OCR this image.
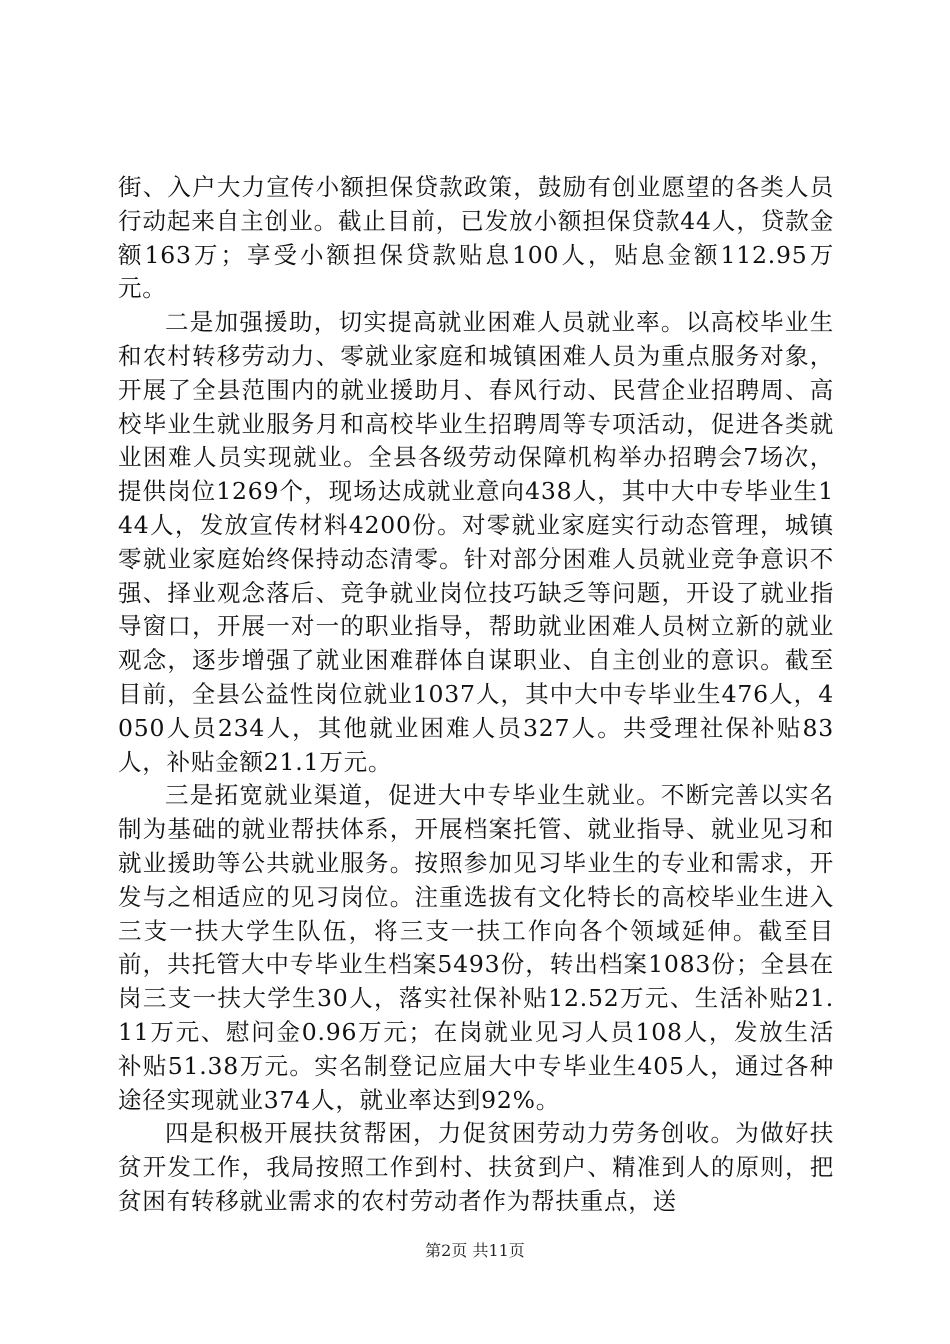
街、入户大力宣传小额担保贷款政策，鼓励有创业愿望的各类人员行动起来自主创业。截止目前，已发放小额担保贷款44人，贷款金额163万；享受小额担保贷款贴息100人，贴息金额112.95万元。

二是加强援助，切实提高就业困难人员就业率。以高校毕业生和农村转移劳动力、零就业家庭和城镇困难人员为重点服务对象，开展了全县范围内的就业援助月、春风行动、民营企业招聘周、高校毕业生就业服务月和高校毕业生招聘周等专项活动，促进各类就业困难人员实现就业。全县各级劳动保障机构举办招聘会7场次，提供岗位1269个，现场达成就业意向438人，其中大中专毕业生144人，发放宣传材料4200份。对零就业家庭实行动态管理，城镇零就业家庭始终保持动态清零。针对部分困难人员就业竞争意识不强、择业观念落后、竞争就业岗位技巧缺乏等问题，开设了就业指导窗口，开展一对一的职业指导，帮助就业困难人员树立新的就业观念，逐步增强了就业困难群体自谋职业、自主创业的意识。截至目前，全县公益性岗位就业1037人，其中大中专毕业生476人，4050人员234人，其他就业困难人员327人。共受理社保补贴83人，补贴金额21.1万元。

三是拓宽就业渠道，促进大中专毕业生就业。不断完善以实名制为基础的就业帮扶体系，开展档案托管、就业指导、就业见习和就业援助等公共就业服务。按照参加见习毕业生的专业和需求，开发与之相适应的见习岗位。注重选拔有文化特长的高校毕业生进入三支一扶大学生队伍，将三支一扶工作向各个领域延伸。截至目前，共托管大中专毕业生档案5493份，转出档案1083份；全县在岗三支一扶大学生30人，落实社保补贴12.52万元、生活补贴21.11万元、慰问金0.96万元；在岗就业见习人员108人，发放生活补贴51.38万元。实名制登记应届大中专毕业生405人，通过各种途径实现就业374人，就业率达到92%。

四是积极开展扶贫帮困，力促贫困劳动力劳务创收。为做好扶贫开发工作，我局按照工作到村、扶贫到户、精准到人的原则，把贫困有转移就业需求的农村劳动者作为帮扶重点，送

第2页 共11页
